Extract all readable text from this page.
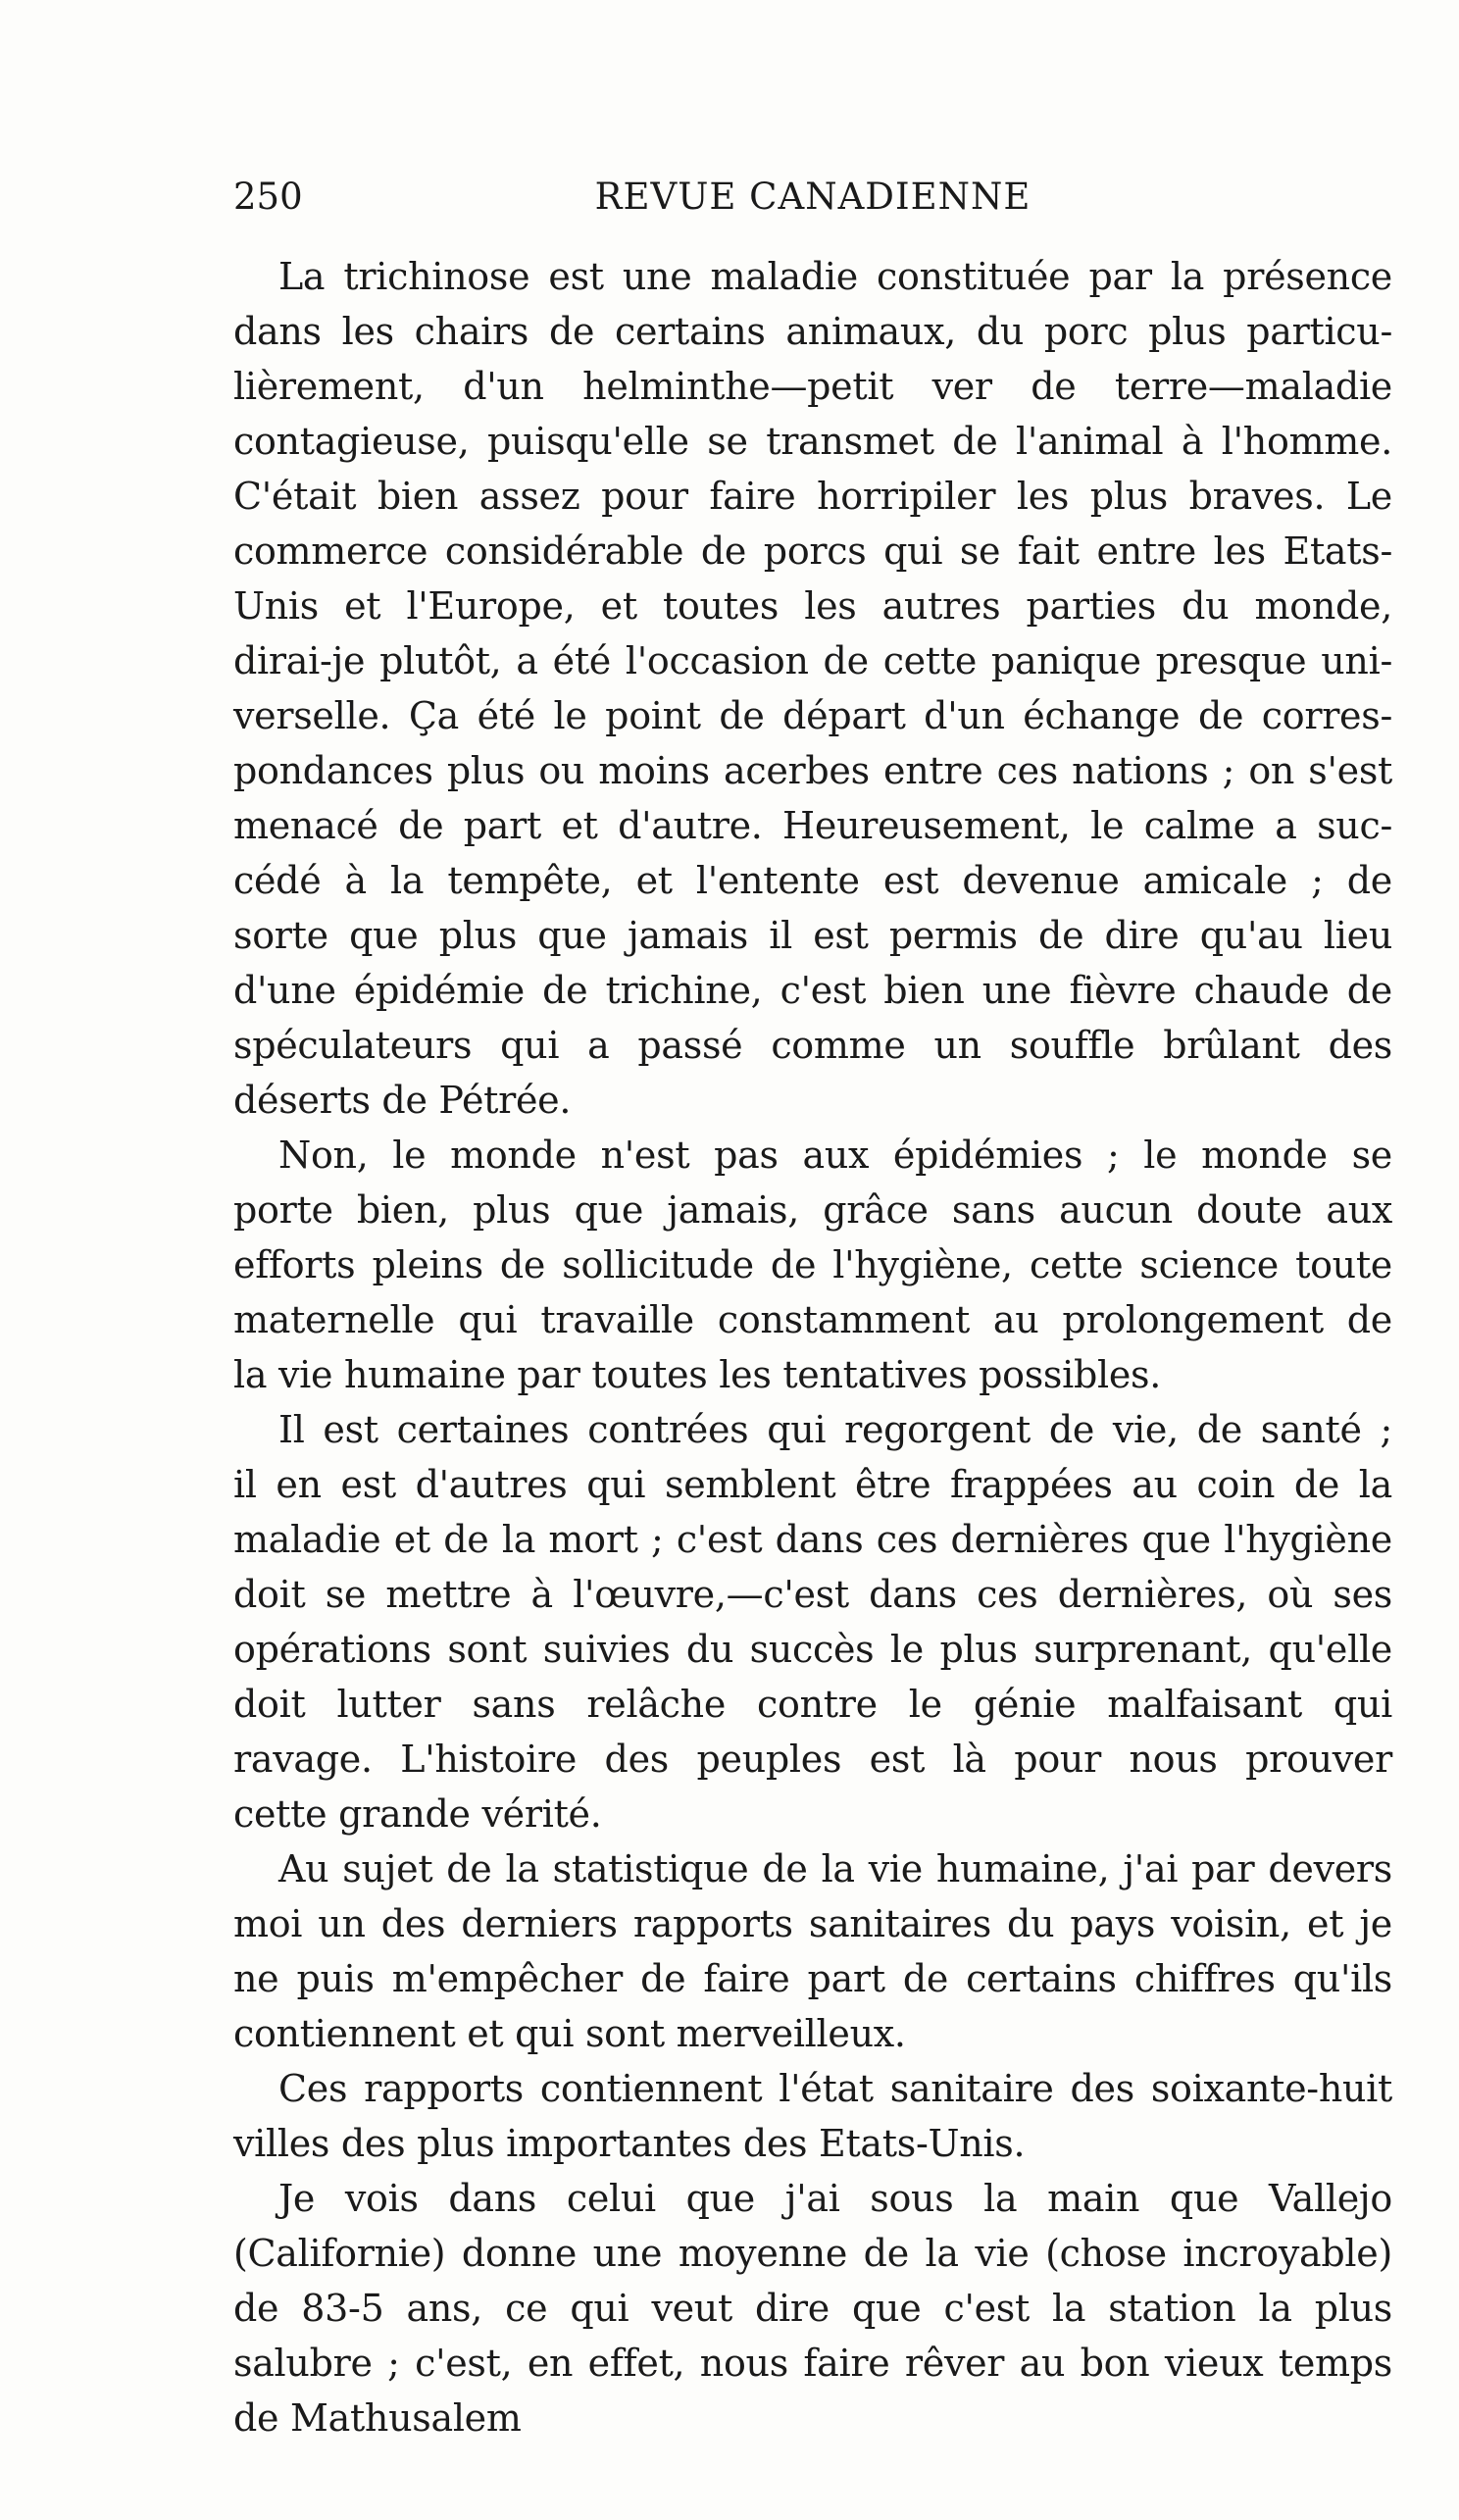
250	REVUE CANADIENNE
La trichinose est une maladie constituée par la présence
dans les chairs de certains animaux, du porc plus particu-
lièrement, d'un helminthe—petit ver de terre—maladie
contagieuse, puisqu'elle se transmet de l'animal à l'homme.
C'était bien assez pour faire horripiler les plus braves. Le
commerce considérable de porcs qui se fait entre les Etats-
Unis et l'Europe, et toutes les autres parties du monde,
dirai-je plutôt, a été l'occasion de cette panique presque uni-
verselle. Ça été le point de départ d'un échange de corres-
pondances plus ou moins acerbes entre ces nations ; on s'est
menacé de part et d'autre. Heureusement, le calme a suc-
cédé à la tempête, et l'entente est devenue amicale ; de
sorte que plus que jamais il est permis de dire qu'au lieu
d'une épidémie de trichine, c'est bien une fièvre chaude de
spéculateurs qui a passé comme un souffle brûlant des
déserts de Pétrée.
Non, le monde n'est pas aux épidémies ; le monde se
porte bien, plus que jamais, grâce sans aucun doute aux
efforts pleins de sollicitude de l'hygiène, cette science toute
maternelle qui travaille constamment au prolongement de
la vie humaine par toutes les tentatives possibles.
Il est certaines contrées qui regorgent de vie, de santé ;
il en est d'autres qui semblent être frappées au coin de la
maladie et de la mort ; c'est dans ces dernières que l'hygiène
doit se mettre à l'œuvre,—c'est dans ces dernières, où ses
opérations sont suivies du succès le plus surprenant, qu'elle
doit lutter sans relâche contre le génie malfaisant qui
ravage. L'histoire des peuples est là pour nous prouver
cette grande vérité.
Au sujet de la statistique de la vie humaine, j'ai par devers
moi un des derniers rapports sanitaires du pays voisin, et je
ne puis m'empêcher de faire part de certains chiffres qu'ils
contiennent et qui sont merveilleux.
Ces rapports contiennent l'état sanitaire des soixante-huit
villes des plus importantes des Etats-Unis.
Je vois dans celui que j'ai sous la main que Vallejo
(Californie) donne une moyenne de la vie (chose incroyable)
de 83-5 ans, ce qui veut dire que c'est la station la plus
salubre ; c'est, en effet, nous faire rêver au bon vieux temps
de Mathusalem
